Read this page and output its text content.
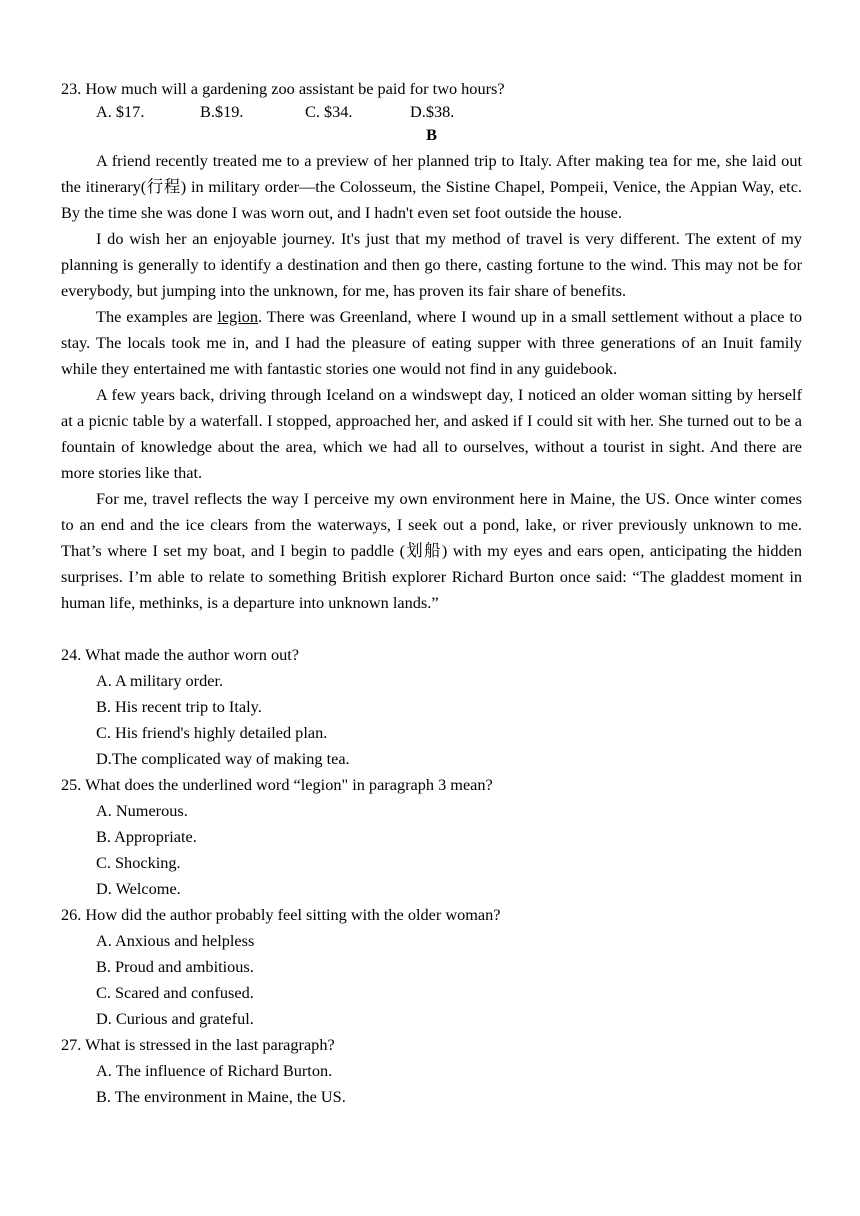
23. How much will a gardening zoo assistant be paid for two hours?
A. $17.	B.$19.	C. $34.	D.$38.
B

A friend recently treated me to a preview of her planned trip to Italy. After making tea for me, she laid out the itinerary(行程) in military order—the Colosseum, the Sistine Chapel, Pompeii, Venice, the Appian Way, etc. By the time she was done I was worn out, and I hadn't even set foot outside the house.

I do wish her an enjoyable journey. It's just that my method of travel is very different. The extent of my planning is generally to identify a destination and then go there, casting fortune to the wind. This may not be for everybody, but jumping into the unknown, for me, has proven its fair share of benefits.

The examples are legion. There was Greenland, where I wound up in a small settlement without a place to stay. The locals took me in, and I had the pleasure of eating supper with three generations of an Inuit family while they entertained me with fantastic stories one would not find in any guidebook.

A few years back, driving through Iceland on a windswept day, I noticed an older woman sitting by herself at a picnic table by a waterfall. I stopped, approached her, and asked if I could sit with her. She turned out to be a fountain of knowledge about the area, which we had all to ourselves, without a tourist in sight. And there are more stories like that.

For me, travel reflects the way I perceive my own environment here in Maine, the US. Once winter comes to an end and the ice clears from the waterways, I seek out a pond, lake, or river previously unknown to me. That’s where I set my boat, and I begin to paddle (划船) with my eyes and ears open, anticipating the hidden surprises. I’m able to relate to something British explorer Richard Burton once said: “The gladdest moment in human life, methinks, is a departure into unknown lands.”

24. What made the author worn out?
A. A military order.
B. His recent trip to Italy.
C. His friend's highly detailed plan.
D.The complicated way of making tea.
25. What does the underlined word “legion" in paragraph 3 mean?
A. Numerous.
B. Appropriate.
C. Shocking.
D. Welcome.
26. How did the author probably feel sitting with the older woman?
A. Anxious and helpless
B. Proud and ambitious.
C. Scared and confused.
D. Curious and grateful.
27. What is stressed in the last paragraph?
A. The influence of Richard Burton.
B. The environment in Maine, the US.
